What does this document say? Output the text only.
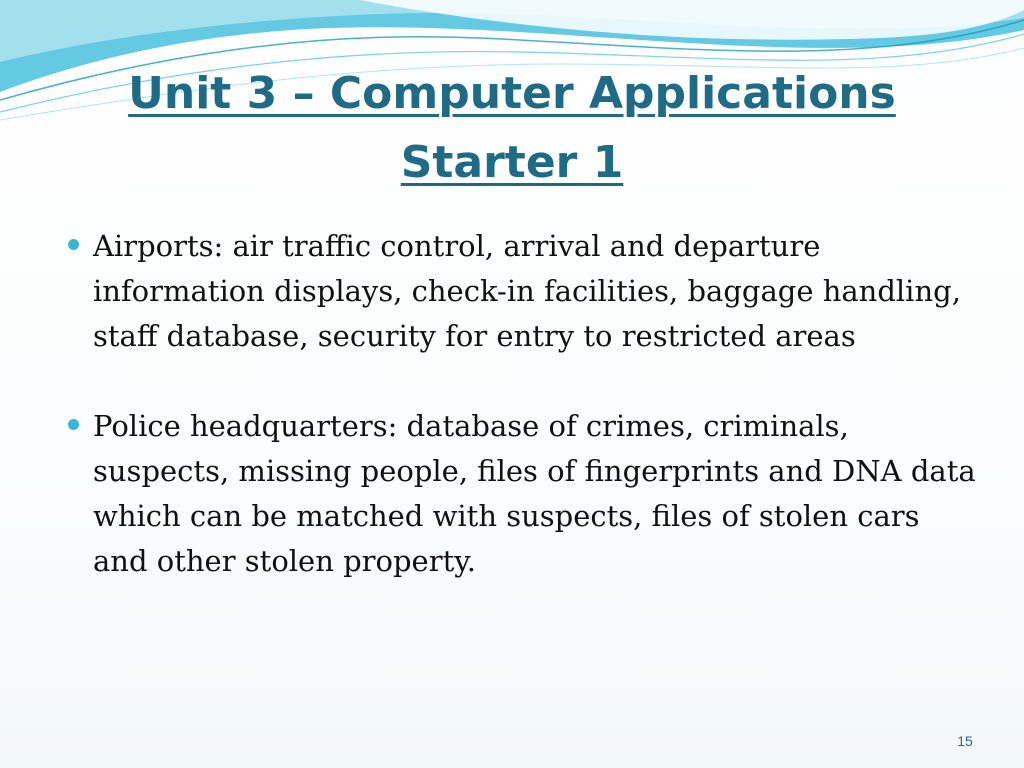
Unit 3 – Computer Applications
Starter 1
Airports: air traffic control, arrival and departure information displays, check-in facilities, baggage handling, staff database, security for entry to restricted areas
Police headquarters: database of crimes, criminals, suspects, missing people, files of fingerprints and DNA data which can be matched with suspects, files of stolen cars and other stolen property.
15
